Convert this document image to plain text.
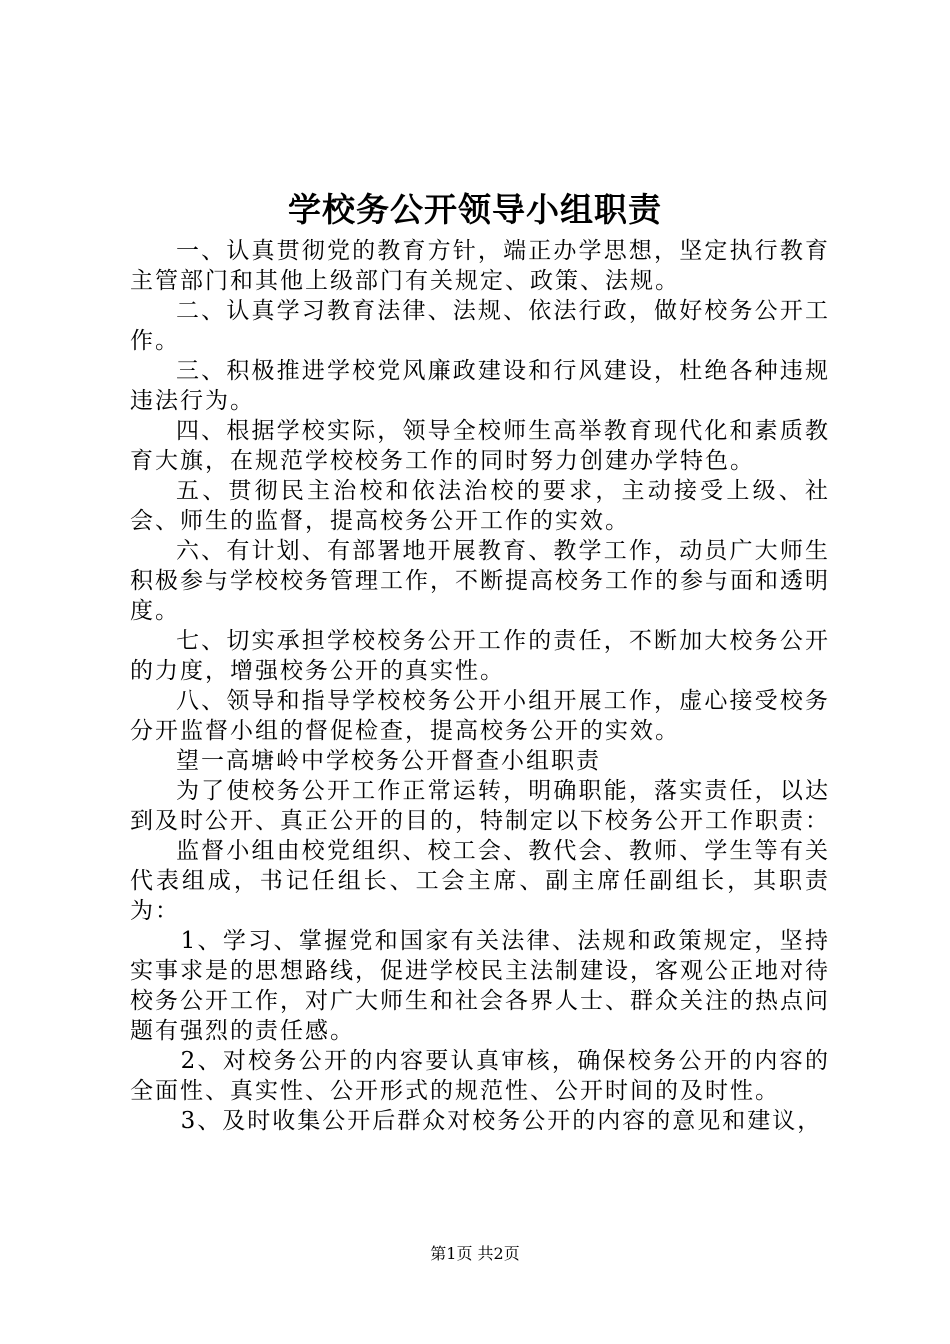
学校务公开领导小组职责

一、认真贯彻党的教育方针，端正办学思想，坚定执行教育主管部门和其他上级部门有关规定、政策、法规。

二、认真学习教育法律、法规、依法行政，做好校务公开工作。

三、积极推进学校党风廉政建设和行风建设，杜绝各种违规违法行为。

四、根据学校实际，领导全校师生高举教育现代化和素质教育大旗，在规范学校校务工作的同时努力创建办学特色。

五、贯彻民主治校和依法治校的要求，主动接受上级、社会、师生的监督，提高校务公开工作的实效。

六、有计划、有部署地开展教育、教学工作，动员广大师生积极参与学校校务管理工作，不断提高校务工作的参与面和透明度。

七、切实承担学校校务公开工作的责任，不断加大校务公开的力度，增强校务公开的真实性。

八、领导和指导学校校务公开小组开展工作，虚心接受校务分开监督小组的督促检查，提高校务公开的实效。

望一高塘岭中学校务公开督查小组职责

为了使校务公开工作正常运转，明确职能，落实责任，以达到及时公开、真正公开的目的，特制定以下校务公开工作职责：

监督小组由校党组织、校工会、教代会、教师、学生等有关代表组成，书记任组长、工会主席、副主席任副组长，其职责为：

1、学习、掌握党和国家有关法律、法规和政策规定，坚持实事求是的思想路线，促进学校民主法制建设，客观公正地对待校务公开工作，对广大师生和社会各界人士、群众关注的热点问题有强烈的责任感。

2、对校务公开的内容要认真审核，确保校务公开的内容的全面性、真实性、公开形式的规范性、公开时间的及时性。

3、及时收集公开后群众对校务公开的内容的意见和建议，

第1页 共2页
